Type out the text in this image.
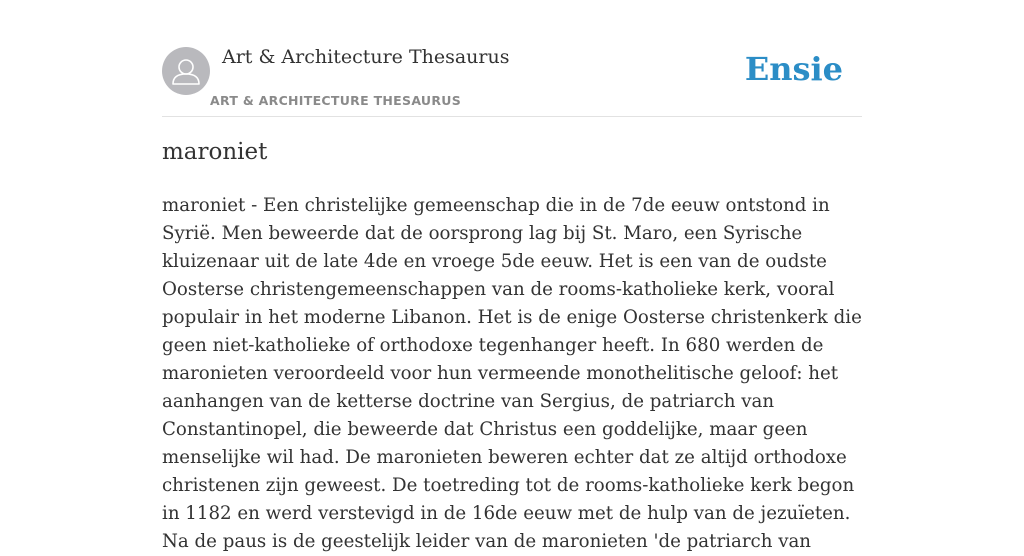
Art & Architecture Thesaurus
ART & ARCHITECTURE THESAURUS
Ensie
maroniet

maroniet - Een christelijke gemeenschap die in de 7de eeuw ontstond in Syrië. Men beweerde dat de oorsprong lag bij St. Maro, een Syrische kluizenaar uit de late 4de en vroege 5de eeuw. Het is een van de oudste Oosterse christengemeenschappen van de rooms-katholieke kerk, vooral populair in het moderne Libanon. Het is de enige Oosterse christenkerk die geen niet-katholieke of orthodoxe tegenhanger heeft. In 680 werden de maronieten veroordeeld voor hun vermeende monothelitische geloof: het aanhangen van de ketterse doctrine van Sergius, de patriarch van Constantinopel, die beweerde dat Christus een goddelijke, maar geen menselijke wil had. De maronieten beweren echter dat ze altijd orthodoxe christenen zijn geweest. De toetreding tot de rooms-katholieke kerk begon in 1182 en werd verstevigd in de 16de eeuw met de hulp van de jezuïeten. Na de paus is de geestelijk leider van de maronieten 'de patriarch van
